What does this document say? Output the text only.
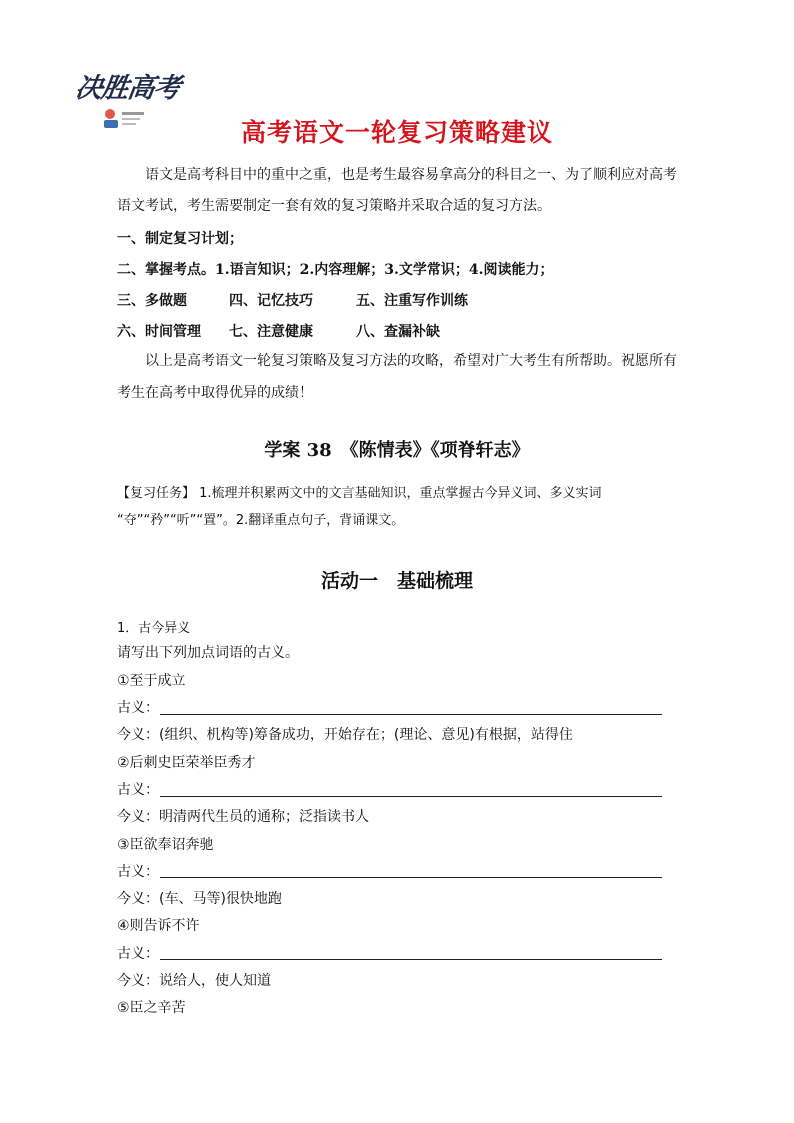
决胜高考
高考语文一轮复习策略建议
语文是高考科目中的重中之重，也是考生最容易拿高分的科目之一、为了顺利应对高考
语文考试，考生需要制定一套有效的复习策略并采取合适的复习方法。
一、制定复习计划；
二、掌握考点。1.语言知识；2.内容理解；3.文学常识；4.阅读能力；
三、多做题	四、记忆技巧	五、注重写作训练
六、时间管理 七、注意健康	八、查漏补缺
以上是高考语文一轮复习策略及复习方法的攻略，希望对广大考生有所帮助。祝愿所有
考生在高考中取得优异的成绩！
学案 38　《陈情表》《项脊轩志》
【复习任务】 1.梳理并积累两文中的文言基础知识，重点掌握古今异义词、多义实词
“夺”“矜”“听”“置”。2.翻译重点句子，背诵课文。
活动一　基础梳理
1．古今异义
请写出下列加点词语的古义。
①至于成立
古义：
今义：(组织、机构等)筹备成功，开始存在；(理论、意见)有根据，站得住
②后刺史臣荣举臣秀才
古义：
今义：明清两代生员的通称；泛指读书人
③臣欲奉诏奔驰
古义：
今义：(车、马等)很快地跑
④则告诉不许
古义：
今义：说给人，使人知道
⑤臣之辛苦
